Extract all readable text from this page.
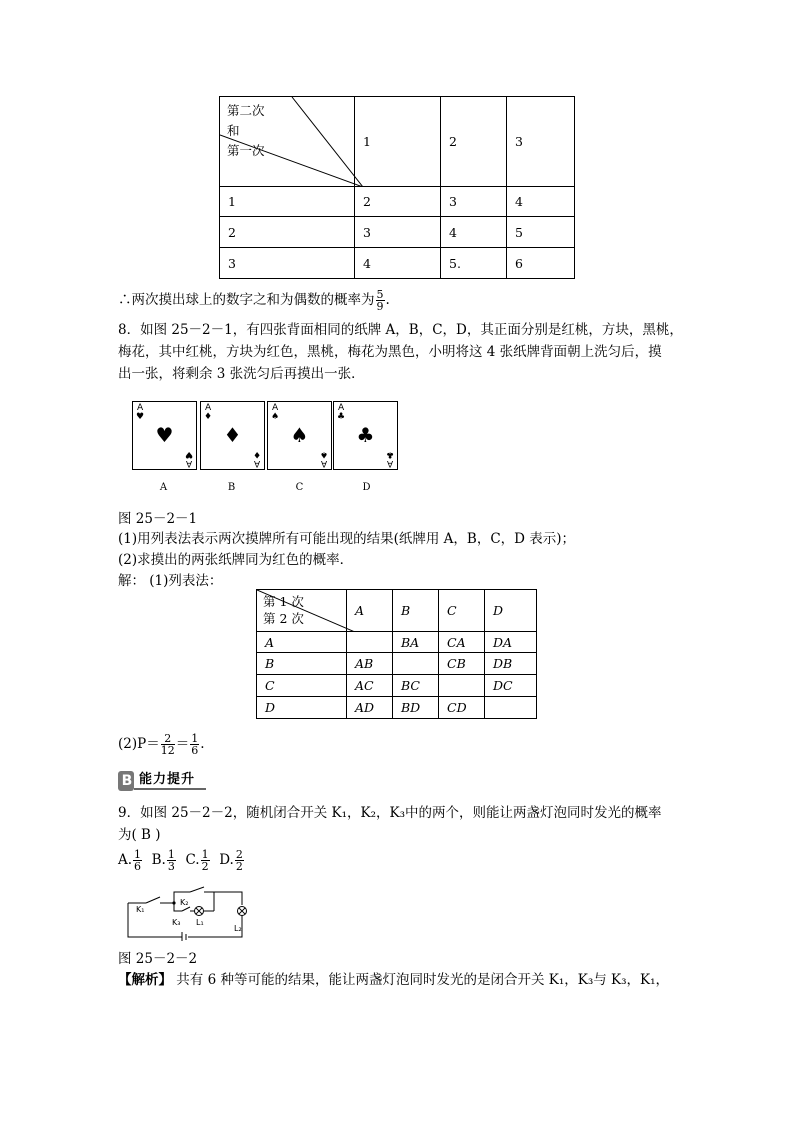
第二次
和
第一次	1	2	3
1	2	3	4
2	3	4	5
3	4	5.	6
∴两次摸出球上的数字之和为偶数的概率为 $\frac{5}{9}$ .
8．如图 25－2－1，有四张背面相同的纸牌 A，B，C，D，其正面分别是红桃，方块，黑桃，
梅花，其中红桃，方块为红色，黑桃，梅花为黑色，小明将这 4 张纸牌背面朝上洗匀后，摸
出一张，将剩余 3 张洗匀后再摸出一张．
A
♥
♥
A
♥
A
♦
♦
A
♦
A
♠
♠
A
♠
A
♣
♣
A
♣
A	B	C	D
图 25－2－1
(1)用列表法表示两次摸牌所有可能出现的结果(纸牌用 A，B，C，D 表示)；
(2)求摸出的两张纸牌同为红色的概率．
解： (1)列表法：
第 1 次
第 2 次	A	B	C	D
A		BA	CA	DA
B	AB		CB	DB
C	AC	BC		DC
D	AD	BD	CD	
$(2)P= \frac{2}{12} = \frac{1}{6}$ .
B 能力提升
9．如图 25－2－2，随机闭合开关 K₁，K₂，K₃中的两个，则能让两盏灯泡同时发光的概率
为( B )
A. $\frac{1}{6} B$. $\frac{1}{3} C$. $\frac{1}{2} D$. $\frac{2}{2}$
K₁
K₂
K₃ L₁
L₂
图 25－2－2
【解析】 共有 6 种等可能的结果，能让两盏灯泡同时发光的是闭合开关 K₁，K₃与 K₃，K₁，
